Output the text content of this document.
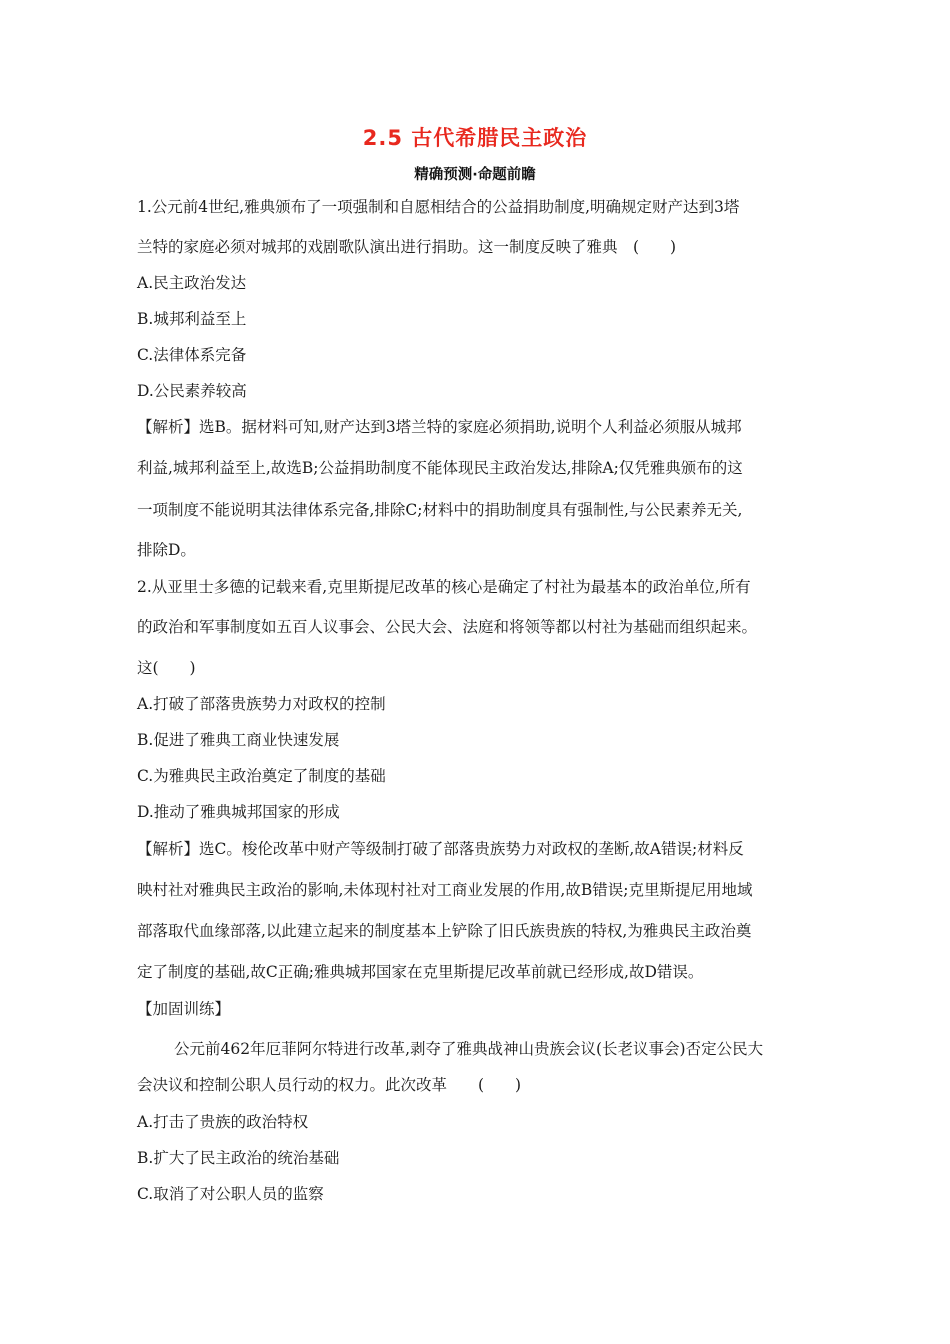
2.5 古代希腊民主政治
精确预测·命题前瞻
1.公元前4世纪,雅典颁布了一项强制和自愿相结合的公益捐助制度,明确规定财产达到3塔
兰特的家庭必须对城邦的戏剧歌队演出进行捐助。这一制度反映了雅典　(　　)
A.民主政治发达
B.城邦利益至上
C.法律体系完备
D.公民素养较高
【解析】选B。据材料可知,财产达到3塔兰特的家庭必须捐助,说明个人利益必须服从城邦
利益,城邦利益至上,故选B;公益捐助制度不能体现民主政治发达,排除A;仅凭雅典颁布的这
一项制度不能说明其法律体系完备,排除C;材料中的捐助制度具有强制性,与公民素养无关,
排除D。
2.从亚里士多德的记载来看,克里斯提尼改革的核心是确定了村社为最基本的政治单位,所有
的政治和军事制度如五百人议事会、公民大会、法庭和将领等都以村社为基础而组织起来。
这(　　)
A.打破了部落贵族势力对政权的控制
B.促进了雅典工商业快速发展
C.为雅典民主政治奠定了制度的基础
D.推动了雅典城邦国家的形成
【解析】选C。梭伦改革中财产等级制打破了部落贵族势力对政权的垄断,故A错误;材料反
映村社对雅典民主政治的影响,未体现村社对工商业发展的作用,故B错误;克里斯提尼用地域
部落取代血缘部落,以此建立起来的制度基本上铲除了旧氏族贵族的特权,为雅典民主政治奠
定了制度的基础,故C正确;雅典城邦国家在克里斯提尼改革前就已经形成,故D错误。
【加固训练】
公元前462年厄菲阿尔特进行改革,剥夺了雅典战神山贵族会议(长老议事会)否定公民大
会决议和控制公职人员行动的权力。此次改革　　(　　)
A.打击了贵族的政治特权
B.扩大了民主政治的统治基础
C.取消了对公职人员的监察
